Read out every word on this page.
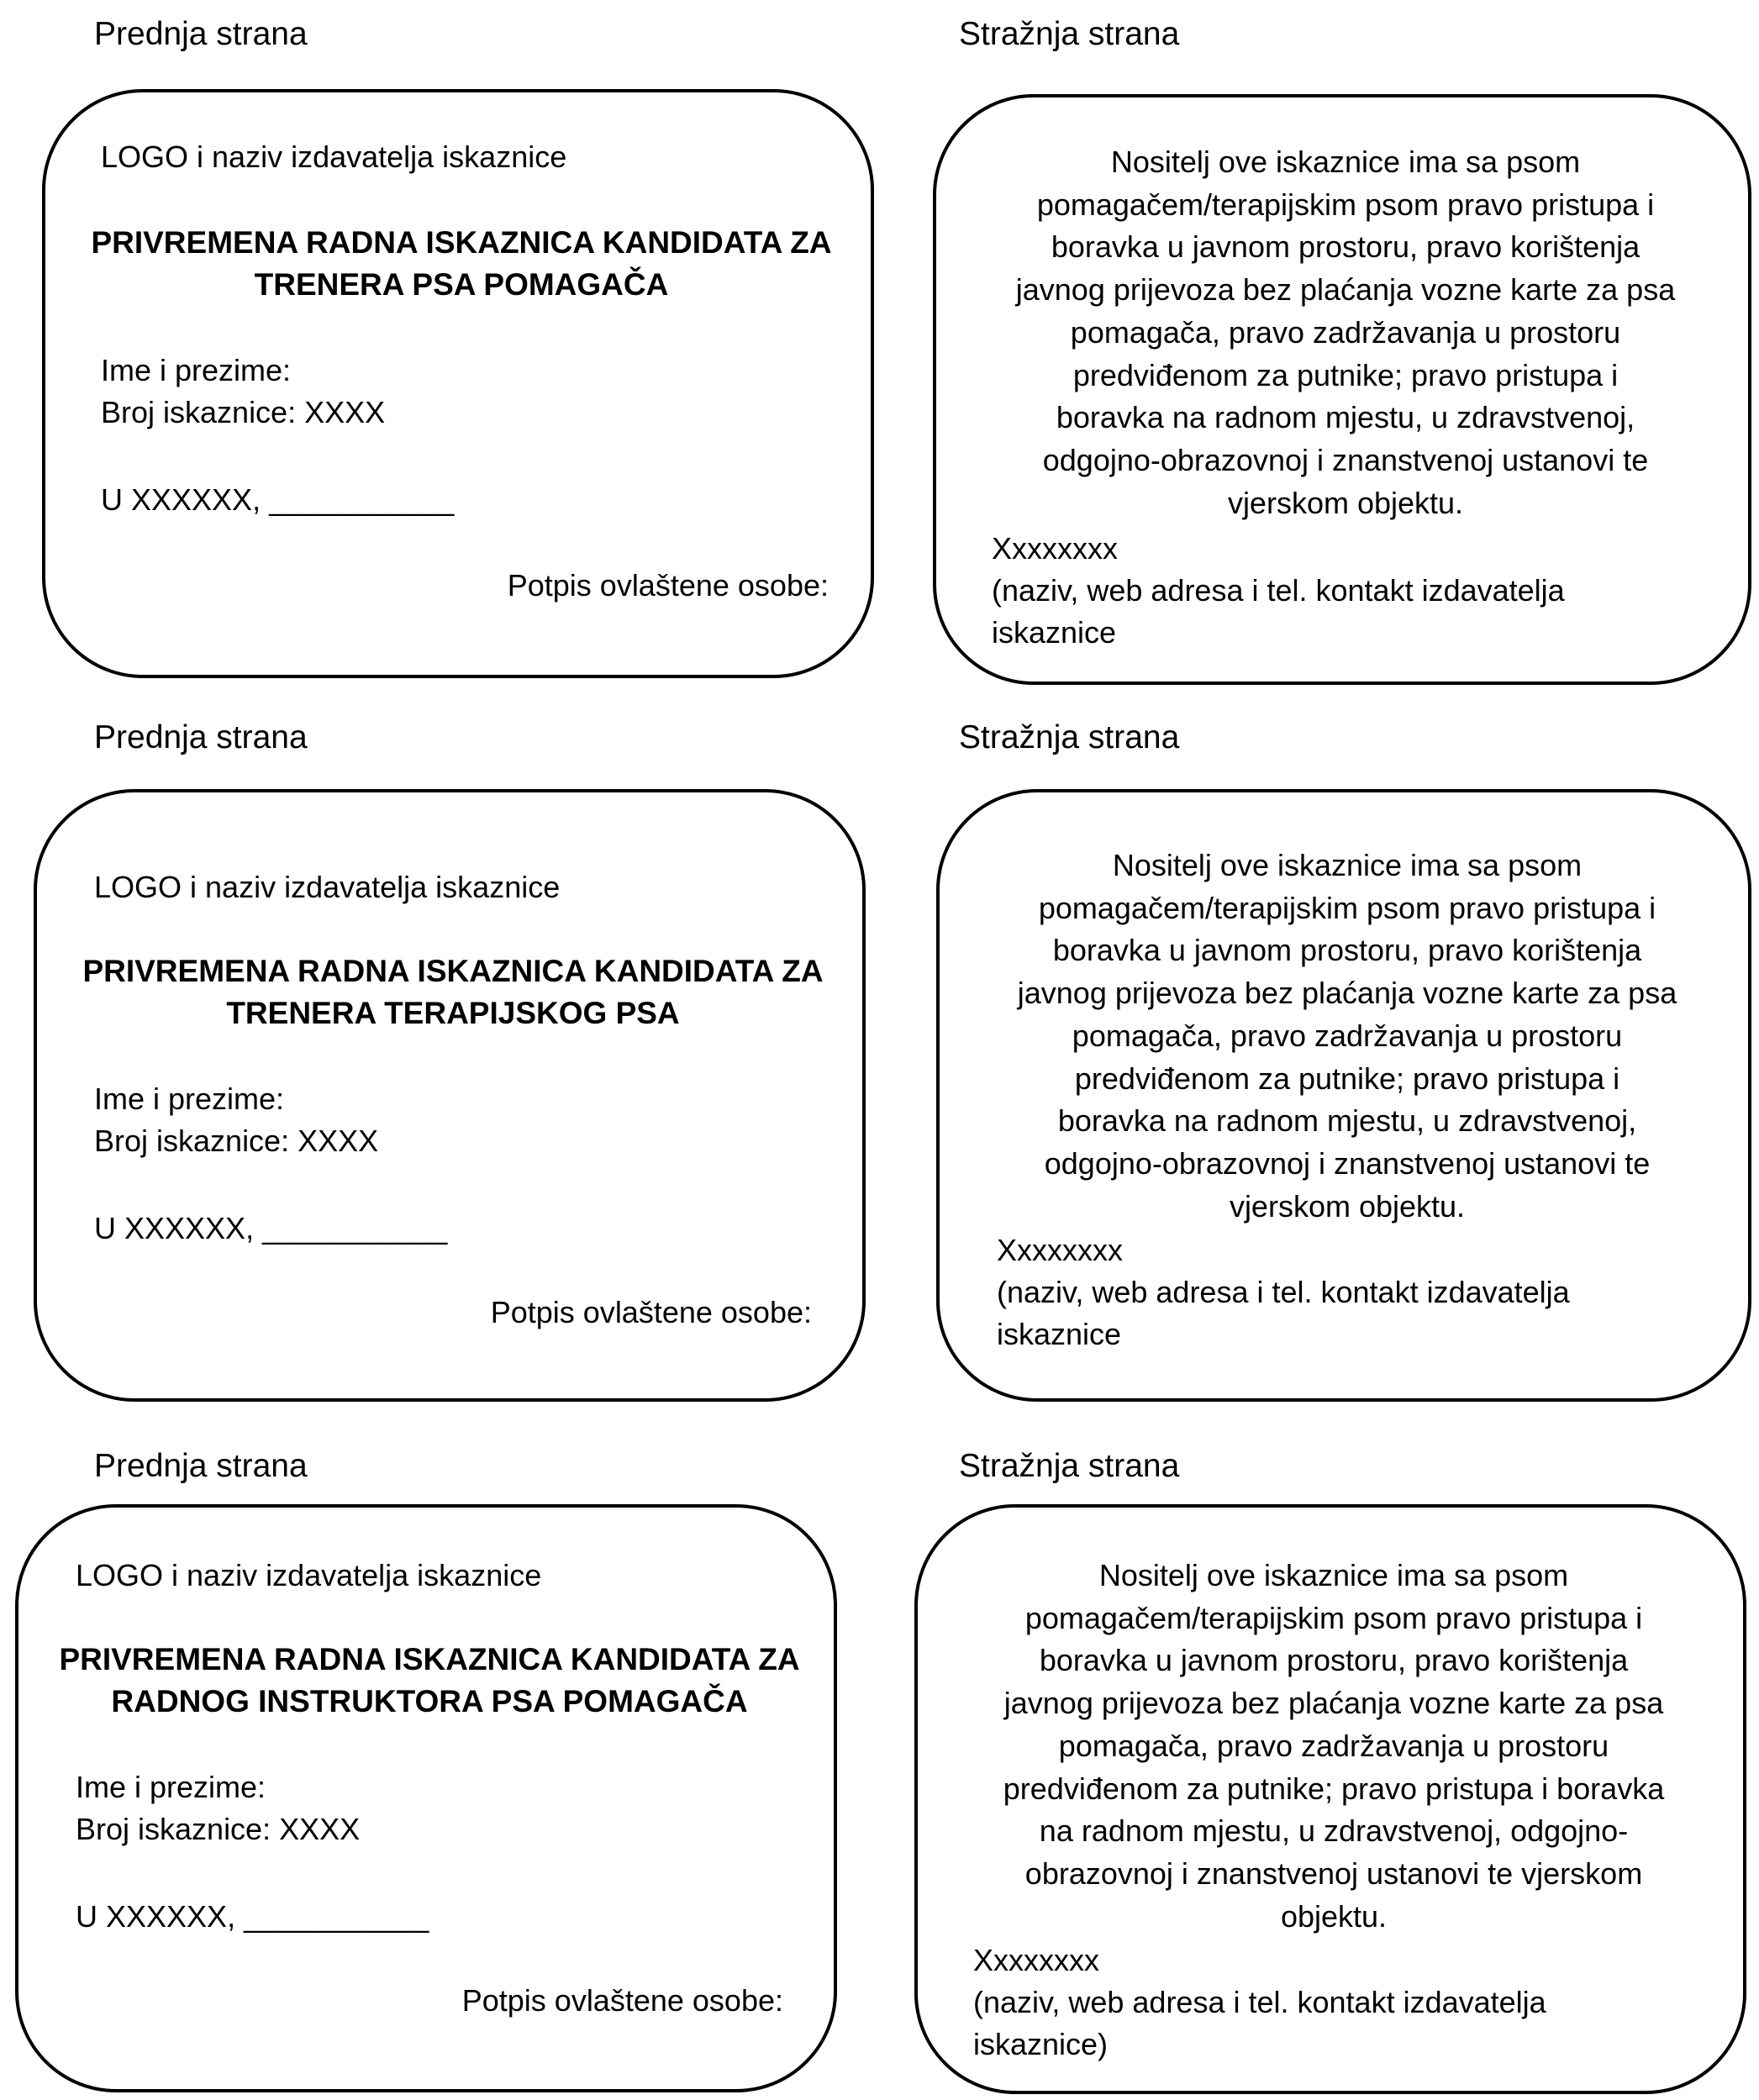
Prednja strana	Stražnja strana
LOGO i naziv izdavatelja iskaznice
PRIVREMENA RADNA ISKAZNICA KANDIDATA ZA
TRENERA PSA POMAGAČA
Ime i prezime:
Broj iskaznice: XXXX
U XXXXXX, ___________
Potpis ovlaštene osobe:
Nositelj ove iskaznice ima sa psom
pomagačem/terapijskim psom pravo pristupa i
boravka u javnom prostoru, pravo korištenja
javnog prijevoza bez plaćanja vozne karte za psa
pomagača, pravo zadržavanja u prostoru
predviđenom za putnike; pravo pristupa i
boravka na radnom mjestu, u zdravstvenoj,
odgojno-obrazovnoj i znanstvenoj ustanovi te
vjerskom objektu.
Xxxxxxxx
(naziv, web adresa i tel. kontakt izdavatelja
iskaznice
Prednja strana	Stražnja strana
LOGO i naziv izdavatelja iskaznice
PRIVREMENA RADNA ISKAZNICA KANDIDATA ZA
TRENERA TERAPIJSKOG PSA
Ime i prezime:
Broj iskaznice: XXXX
U XXXXXX, ___________
Potpis ovlaštene osobe:
Nositelj ove iskaznice ima sa psom
pomagačem/terapijskim psom pravo pristupa i
boravka u javnom prostoru, pravo korištenja
javnog prijevoza bez plaćanja vozne karte za psa
pomagača, pravo zadržavanja u prostoru
predviđenom za putnike; pravo pristupa i
boravka na radnom mjestu, u zdravstvenoj,
odgojno-obrazovnoj i znanstvenoj ustanovi te
vjerskom objektu.
Xxxxxxxx
(naziv, web adresa i tel. kontakt izdavatelja
iskaznice
Prednja strana	Stražnja strana
LOGO i naziv izdavatelja iskaznice
PRIVREMENA RADNA ISKAZNICA KANDIDATA ZA
RADNOG INSTRUKTORA PSA POMAGAČA
Ime i prezime:
Broj iskaznice: XXXX
U XXXXXX, ___________
Potpis ovlaštene osobe:
Nositelj ove iskaznice ima sa psom
pomagačem/terapijskim psom pravo pristupa i
boravka u javnom prostoru, pravo korištenja
javnog prijevoza bez plaćanja vozne karte za psa
pomagača, pravo zadržavanja u prostoru
predviđenom za putnike; pravo pristupa i boravka
na radnom mjestu, u zdravstvenoj, odgojno-
obrazovnoj i znanstvenoj ustanovi te vjerskom
objektu.
Xxxxxxxx
(naziv, web adresa i tel. kontakt izdavatelja
iskaznice)
